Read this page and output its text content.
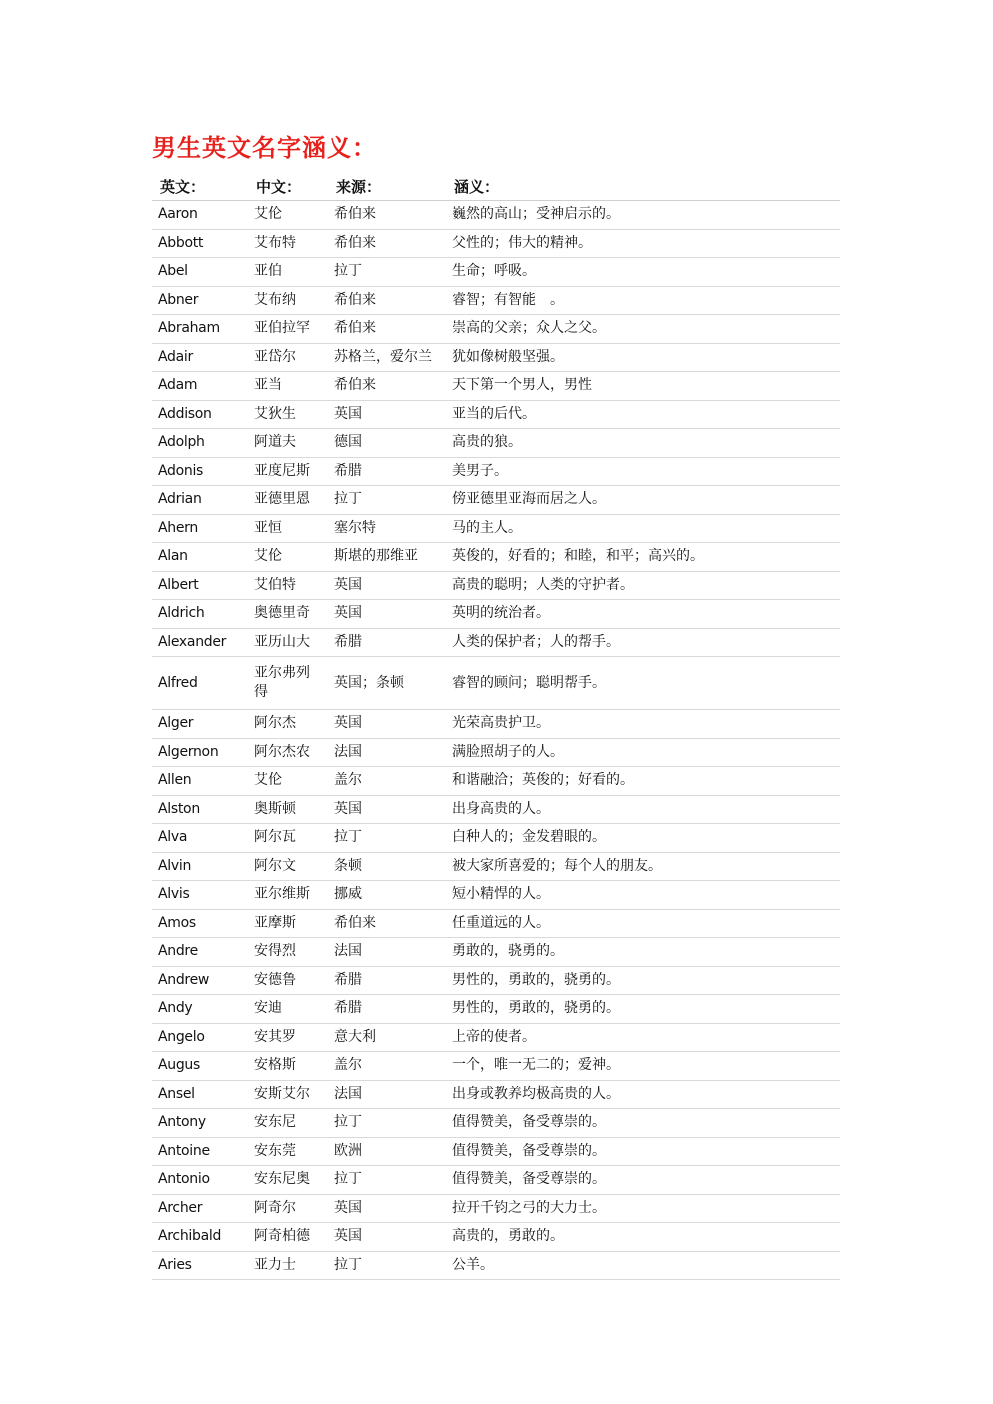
男生英文名字涵义：
英文：	中文：	来源：	涵义：
Aaron	艾伦	希伯来	巍然的高山；受神启示的。
Abbott	艾布特	希伯来	父性的；伟大的精神。
Abel	亚伯	拉丁	生命；呼吸。
Abner	艾布纳	希伯来	睿智；有智能　。
Abraham	亚伯拉罕	希伯来	崇高的父亲；众人之父。
Adair	亚岱尔	苏格兰，爱尔兰	犹如像树般坚强。
Adam	亚当	希伯来	天下第一个男人，男性
Addison	艾狄生	英国	亚当的后代。
Adolph	阿道夫	德国	高贵的狼。
Adonis	亚度尼斯	希腊	美男子。
Adrian	亚德里恩	拉丁	傍亚德里亚海而居之人。
Ahern	亚恒	塞尔特	马的主人。
Alan	艾伦	斯堪的那维亚	英俊的，好看的；和睦，和平；高兴的。
Albert	艾伯特	英国	高贵的聪明；人类的守护者。
Aldrich	奥德里奇	英国	英明的统治者。
Alexander	亚历山大	希腊	人类的保护者；人的帮手。
Alfred	亚尔弗列得	英国；条顿	睿智的顾问；聪明帮手。
Alger	阿尔杰	英国	光荣高贵护卫。
Algernon	阿尔杰农	法国	满脸照胡子的人。
Allen	艾伦	盖尔	和谐融洽；英俊的；好看的。
Alston	奥斯顿	英国	出身高贵的人。
Alva	阿尔瓦	拉丁	白种人的；金发碧眼的。
Alvin	阿尔文	条顿	被大家所喜爱的；每个人的朋友。
Alvis	亚尔维斯	挪威	短小精悍的人。
Amos	亚摩斯	希伯来	任重道远的人。
Andre	安得烈	法国	勇敢的，骁勇的。
Andrew	安德鲁	希腊	男性的，勇敢的，骁勇的。
Andy	安迪	希腊	男性的，勇敢的，骁勇的。
Angelo	安其罗	意大利	上帝的使者。
Augus	安格斯	盖尔	一个，唯一无二的；爱神。
Ansel	安斯艾尔	法国	出身或教养均极高贵的人。
Antony	安东尼	拉丁	值得赞美，备受尊崇的。
Antoine	安东莞	欧洲	值得赞美，备受尊崇的。
Antonio	安东尼奥	拉丁	值得赞美，备受尊崇的。
Archer	阿奇尔	英国	拉开千钧之弓的大力士。
Archibald	阿奇柏德	英国	高贵的，勇敢的。
Aries	亚力士	拉丁	公羊。
